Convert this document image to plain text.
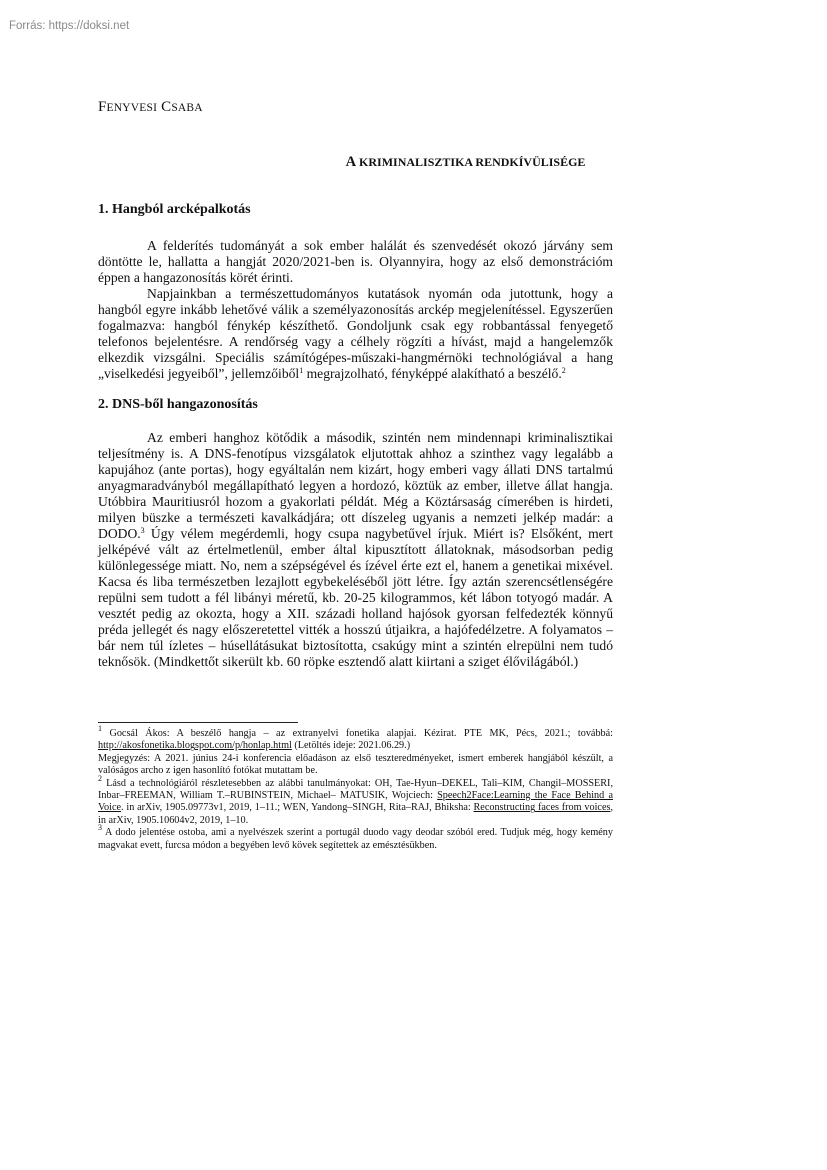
Forrás: https://doksi.net
FENYVESI CSABA
A KRIMINALISZTIKA RENDKÍVÜLISÉGE
1. Hangból arcképalkotás

A felderítés tudományát a sok ember halálát és szenvedését okozó járvány sem döntötte le, hallatta a hangját 2020/2021-ben is. Olyannyira, hogy az első demonstrációm éppen a hangazonosítás körét érinti.

Napjainkban a természettudományos kutatások nyomán oda jutottunk, hogy a hangból egyre inkább lehetővé válik a személyazonosítás arckép megjelenítéssel. Egyszerűen fogalmazva: hangból fénykép készíthető. Gondoljunk csak egy robbantással fenyegető telefonos bejelentésre. A rendőrség vagy a célhely rögzíti a hívást, majd a hangelemzők elkezdik vizsgálni. Speciális számítógépes-műszaki-hangmérnöki technológiával a hang „viselkedési jegyeiből”, jellemzőiből$^1$ megrajzolható, fényképpé alakítható a beszélő.$^2$

2. DNS-ből hangazonosítás

Az emberi hanghoz kötődik a második, szintén nem mindennapi kriminalisztikai teljesítmény is. A DNS-fenotípus vizsgálatok eljutottak ahhoz a szinthez vagy legalább a kapujához (ante portas), hogy egyáltalán nem kizárt, hogy emberi vagy állati DNS tartalmú anyagmaradványból megállapítható legyen a hordozó, köztük az ember, illetve állat hangja. Utóbbira Mauritiusról hozom a gyakorlati példát. Még a Köztársaság címerében is hirdeti, milyen büszke a természeti kavalkádjára; ott díszeleg ugyanis a nemzeti jelkép madár: a DODO.$^3$ Úgy vélem megérdemli, hogy csupa nagybetűvel írjuk. Miért is? Elsőként, mert jelképévé vált az értelmetlenül, ember által kipusztított állatoknak, másodsorban pedig különlegessége miatt. No, nem a szépségével és ízével érte ezt el, hanem a genetikai mixével. Kacsa és liba természetben lezajlott egybekeléséből jött létre. Így aztán szerencsétlenségére repülni sem tudott a fél libányi méretű, kb. 20-25 kilogrammos, két lábon totyogó madár. A vesztét pedig az okozta, hogy a XII. századi holland hajósok gyorsan felfedezték könnyű préda jellegét és nagy előszeretettel vitték a hosszú útjaikra, a hajófedélzetre. A folyamatos – bár nem túl ízletes – húsellátásukat biztosította, csakúgy mint a szintén elrepülni nem tudó teknősök. (Mindkettőt sikerült kb. 60 röpke esztendő alatt kiirtani a sziget élővilágából.)

$^1$ Gocsál Ákos: A beszélő hangja – az extranyelvi fonetika alapjai. Kézirat. PTE MK, Pécs, 2021.; továbbá: http://akosfonetika.blogspot.com/p/honlap.html (Letöltés ideje: 2021.06.29.)
Megjegyzés: A 2021. június 24-i konferencia előadáson az első teszteredményeket, ismert emberek hangjából készült, a valóságos archo z igen hasonlító fotókat mutattam be.
$^2$ Lásd a technológiáról részletesebben az alábbi tanulmányokat: OH, Tae-Hyun–DEKEL, Tali–KIM, Changil–MOSSERI, Inbar–FREEMAN, William T.–RUBINSTEIN, Michael– MATUSIK, Wojciech: Speech2Face:Learning the Face Behind a Voice. in arXiv, 1905.09773v1, 2019, 1–11.; WEN, Yandong–SINGH, Rita–RAJ, Bhiksha: Reconstructing faces from voices, in arXiv, 1905.10604v2, 2019, 1–10.
$^3$ A dodo jelentése ostoba, ami a nyelvészek szerint a portugál duodo vagy deodar szóból ered. Tudjuk még, hogy kemény magvakat evett, furcsa módon a begyében levő kövek segítettek az emésztésükben.
